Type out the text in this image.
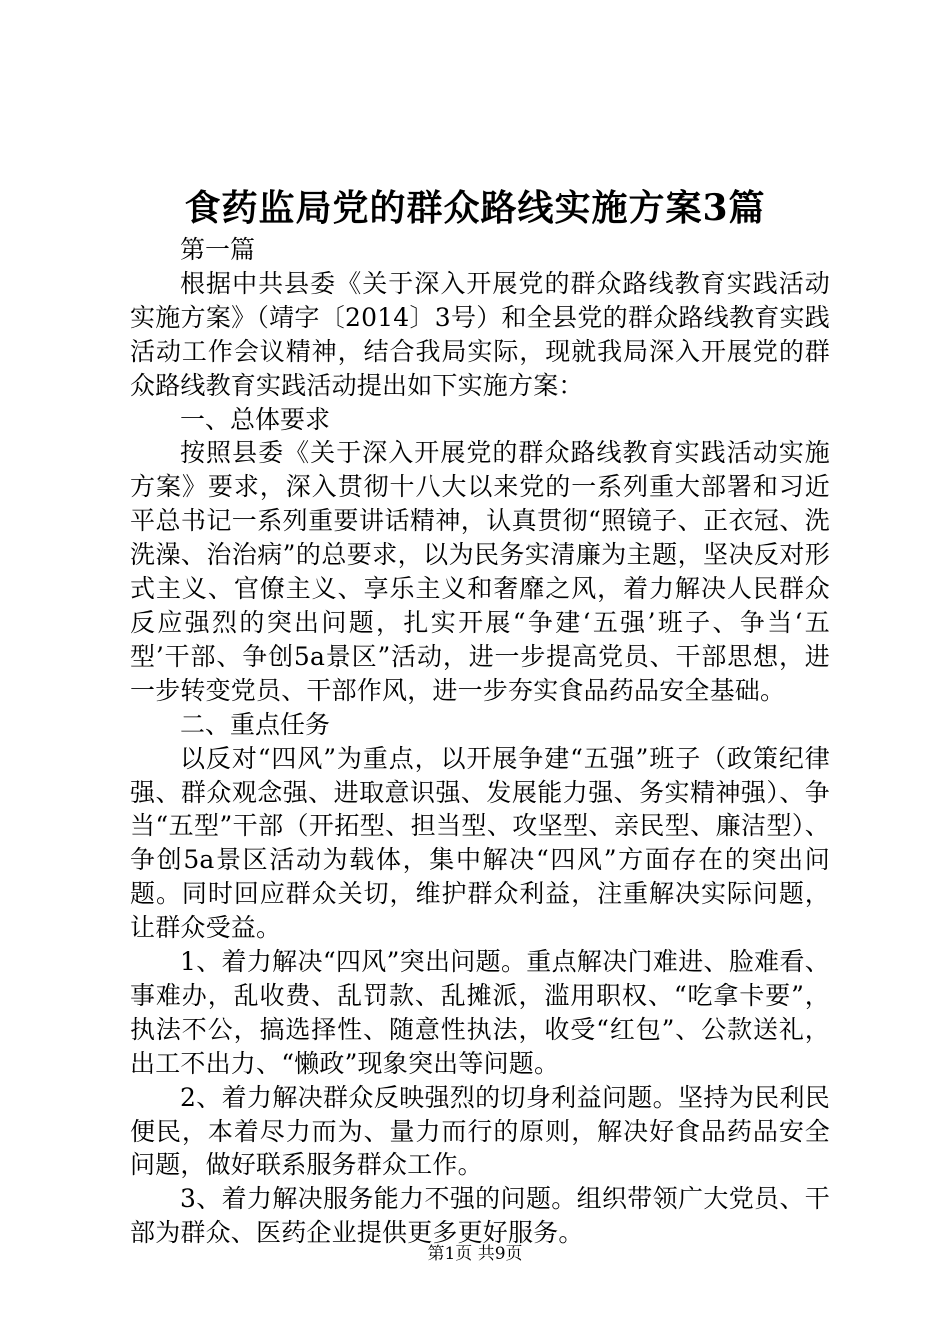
食药监局党的群众路线实施方案3篇

第一篇

根据中共县委《关于深入开展党的群众路线教育实践活动实施方案》（靖字〔2014〕3号）和全县党的群众路线教育实践活动工作会议精神，结合我局实际，现就我局深入开展党的群众路线教育实践活动提出如下实施方案：

一、总体要求

按照县委《关于深入开展党的群众路线教育实践活动实施方案》要求，深入贯彻十八大以来党的一系列重大部署和习近平总书记一系列重要讲话精神，认真贯彻“照镜子、正衣冠、洗洗澡、治治病”的总要求，以为民务实清廉为主题，坚决反对形式主义、官僚主义、享乐主义和奢靡之风，着力解决人民群众反应强烈的突出问题，扎实开展“争建‘五强’班子、争当‘五型’干部、争创5a景区”活动，进一步提高党员、干部思想，进一步转变党员、干部作风，进一步夯实食品药品安全基础。

二、重点任务

以反对“四风”为重点，以开展争建“五强”班子（政策纪律强、群众观念强、进取意识强、发展能力强、务实精神强）、争当“五型”干部（开拓型、担当型、攻坚型、亲民型、廉洁型）、争创5a景区活动为载体，集中解决“四风”方面存在的突出问题。同时回应群众关切，维护群众利益，注重解决实际问题，让群众受益。

1、着力解决“四风”突出问题。重点解决门难进、脸难看、事难办，乱收费、乱罚款、乱摊派，滥用职权、“吃拿卡要”，执法不公，搞选择性、随意性执法，收受“红包”、公款送礼，出工不出力、“懒政”现象突出等问题。

2、着力解决群众反映强烈的切身利益问题。坚持为民利民便民，本着尽力而为、量力而行的原则，解决好食品药品安全问题，做好联系服务群众工作。

3、着力解决服务能力不强的问题。组织带领广大党员、干部为群众、医药企业提供更多更好服务。

第1页 共9页
